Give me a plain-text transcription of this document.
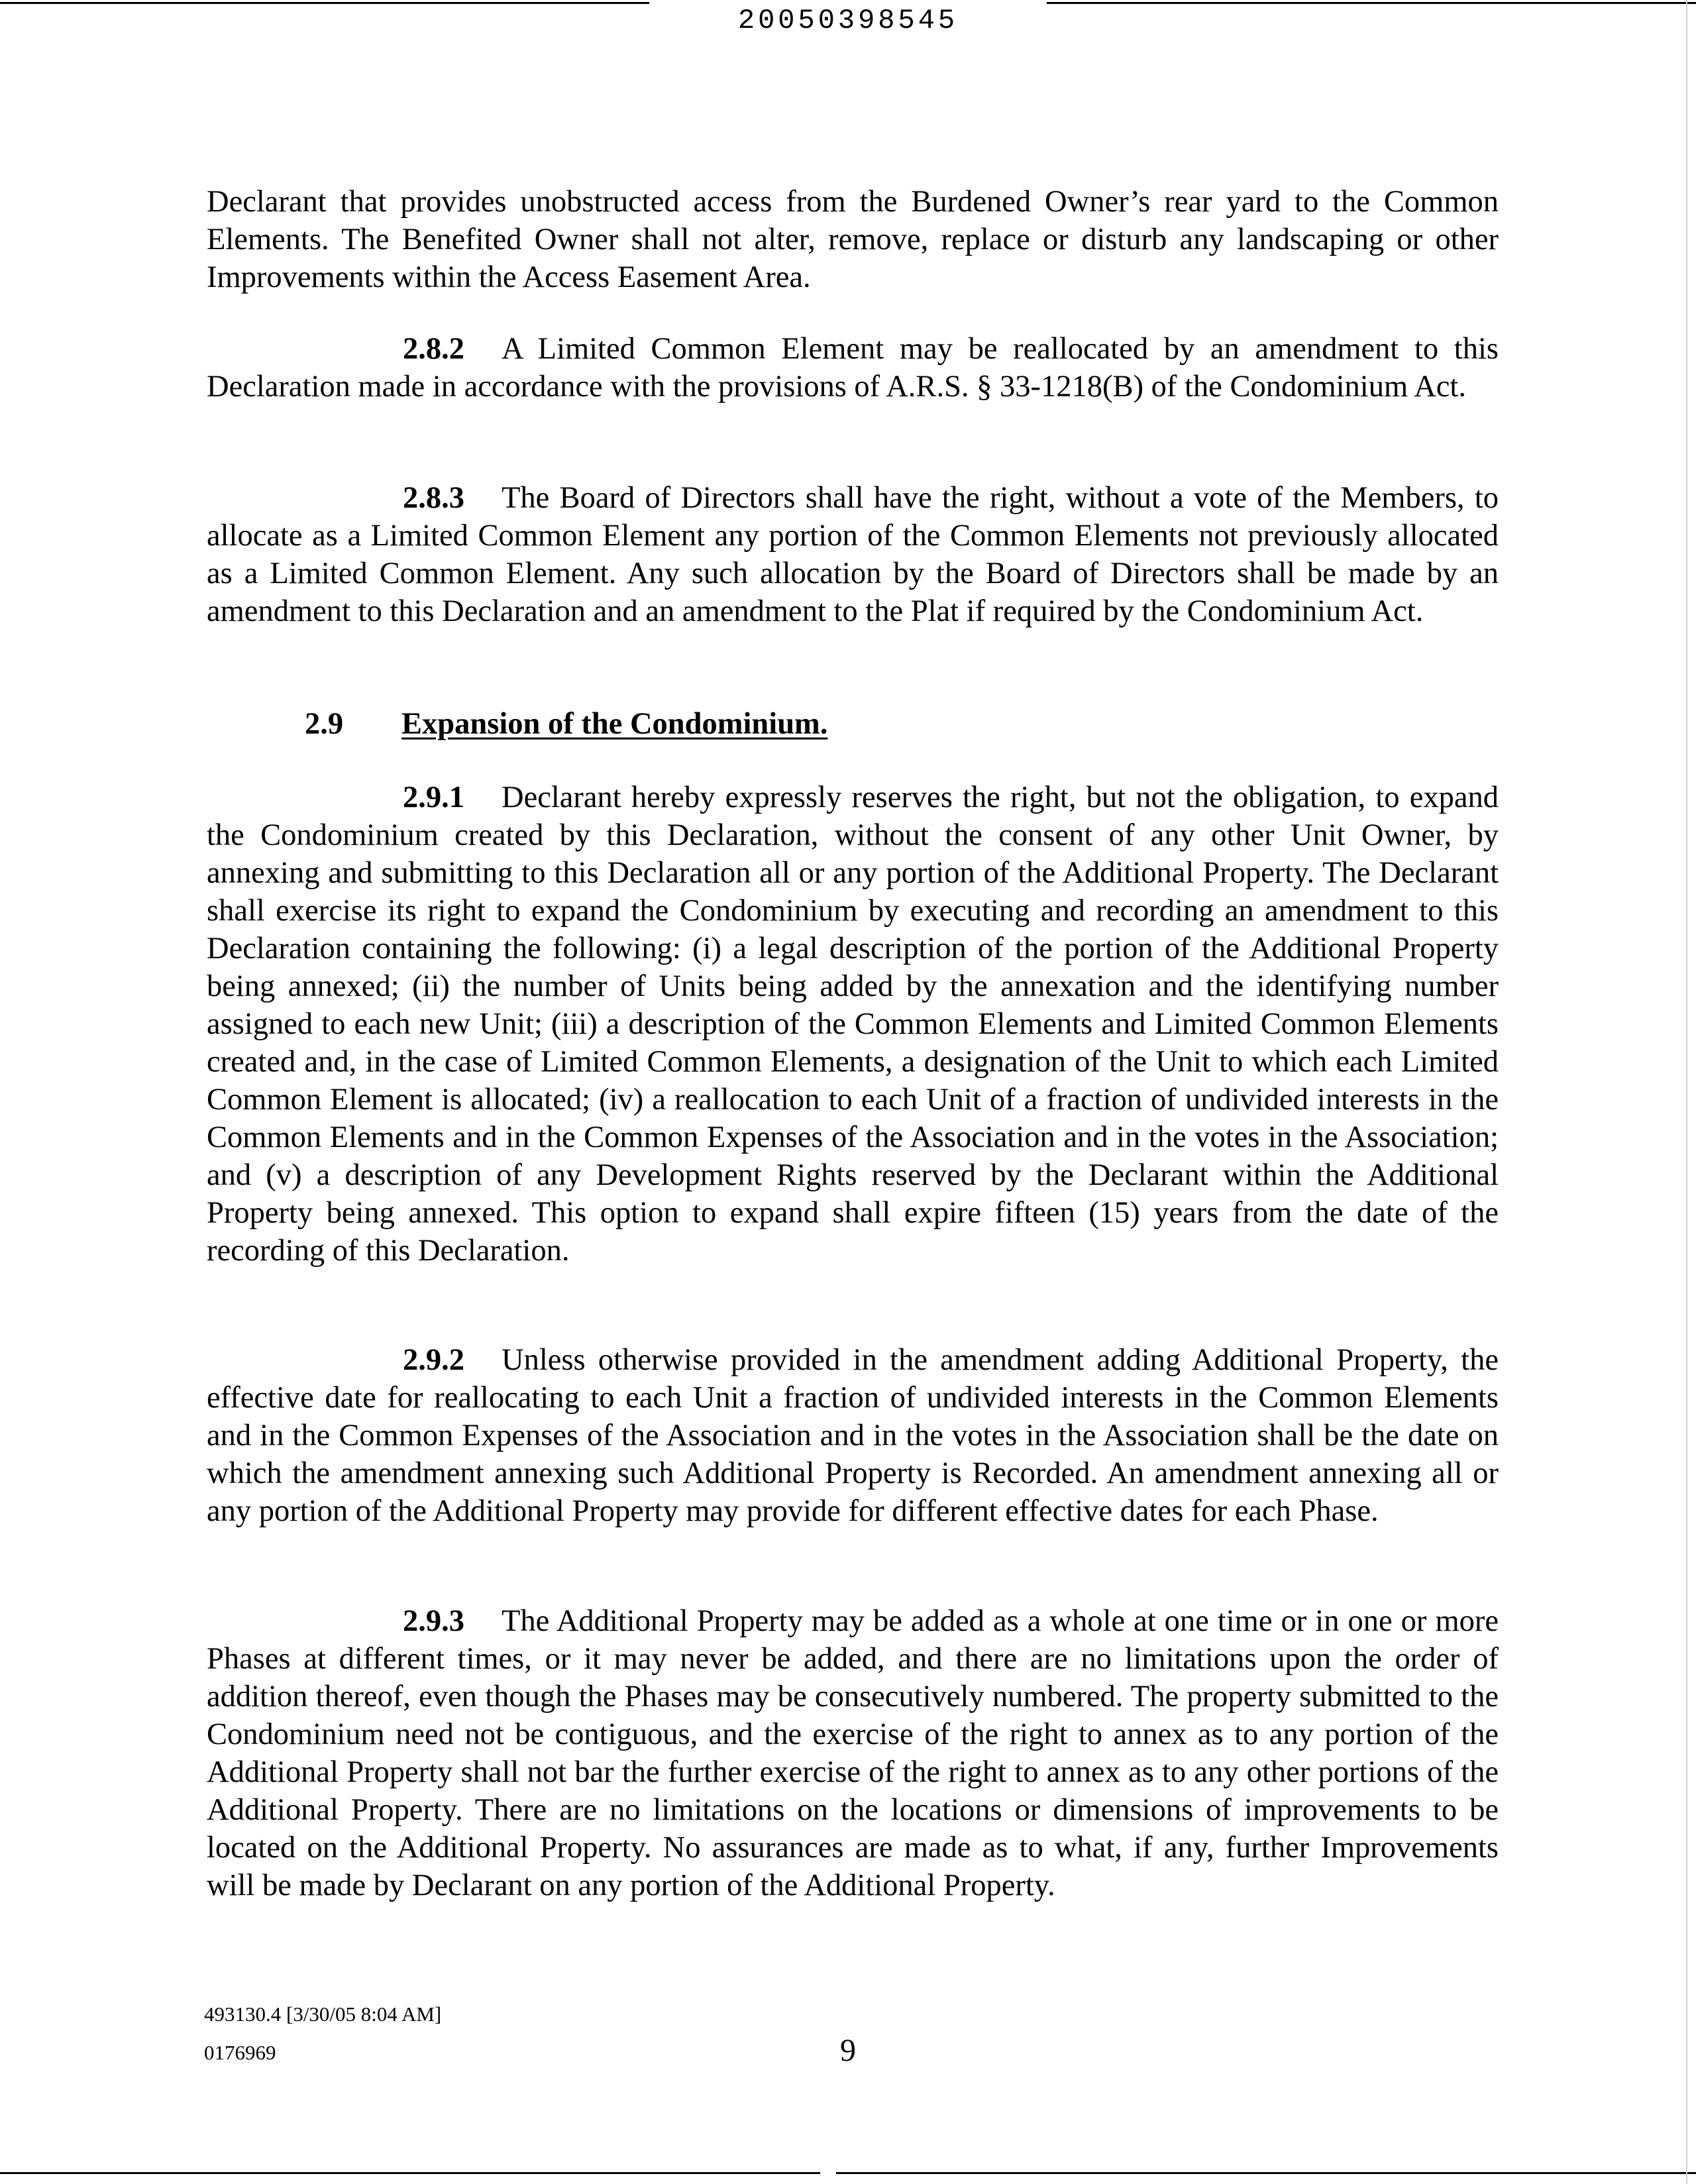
20050398545

Declarant that provides unobstructed access from the Burdened Owner’s rear yard to the Common Elements. The Benefited Owner shall not alter, remove, replace or disturb any landscaping or other Improvements within the Access Easement Area.

2.8.2 A Limited Common Element may be reallocated by an amendment to this Declaration made in accordance with the provisions of A.R.S. § 33-1218(B) of the Condominium Act.

2.8.3 The Board of Directors shall have the right, without a vote of the Members, to allocate as a Limited Common Element any portion of the Common Elements not previously allocated as a Limited Common Element. Any such allocation by the Board of Directors shall be made by an amendment to this Declaration and an amendment to the Plat if required by the Condominium Act.

2.9 Expansion of the Condominium.

2.9.1 Declarant hereby expressly reserves the right, but not the obligation, to expand the Condominium created by this Declaration, without the consent of any other Unit Owner, by annexing and submitting to this Declaration all or any portion of the Additional Property. The Declarant shall exercise its right to expand the Condominium by executing and recording an amendment to this Declaration containing the following: (i) a legal description of the portion of the Additional Property being annexed; (ii) the number of Units being added by the annexation and the identifying number assigned to each new Unit; (iii) a description of the Common Elements and Limited Common Elements created and, in the case of Limited Common Elements, a designation of the Unit to which each Limited Common Element is allocated; (iv) a reallocation to each Unit of a fraction of undivided interests in the Common Elements and in the Common Expenses of the Association and in the votes in the Association; and (v) a description of any Development Rights reserved by the Declarant within the Additional Property being annexed. This option to expand shall expire fifteen (15) years from the date of the recording of this Declaration.

2.9.2 Unless otherwise provided in the amendment adding Additional Property, the effective date for reallocating to each Unit a fraction of undivided interests in the Common Elements and in the Common Expenses of the Association and in the votes in the Association shall be the date on which the amendment annexing such Additional Property is Recorded. An amendment annexing all or any portion of the Additional Property may provide for different effective dates for each Phase.

2.9.3 The Additional Property may be added as a whole at one time or in one or more Phases at different times, or it may never be added, and there are no limitations upon the order of addition thereof, even though the Phases may be consecutively numbered. The property submitted to the Condominium need not be contiguous, and the exercise of the right to annex as to any portion of the Additional Property shall not bar the further exercise of the right to annex as to any other portions of the Additional Property. There are no limitations on the locations or dimensions of improvements to be located on the Additional Property. No assurances are made as to what, if any, further Improvements will be made by Declarant on any portion of the Additional Property.

493130.4 [3/30/05 8:04 AM]
0176969	9
